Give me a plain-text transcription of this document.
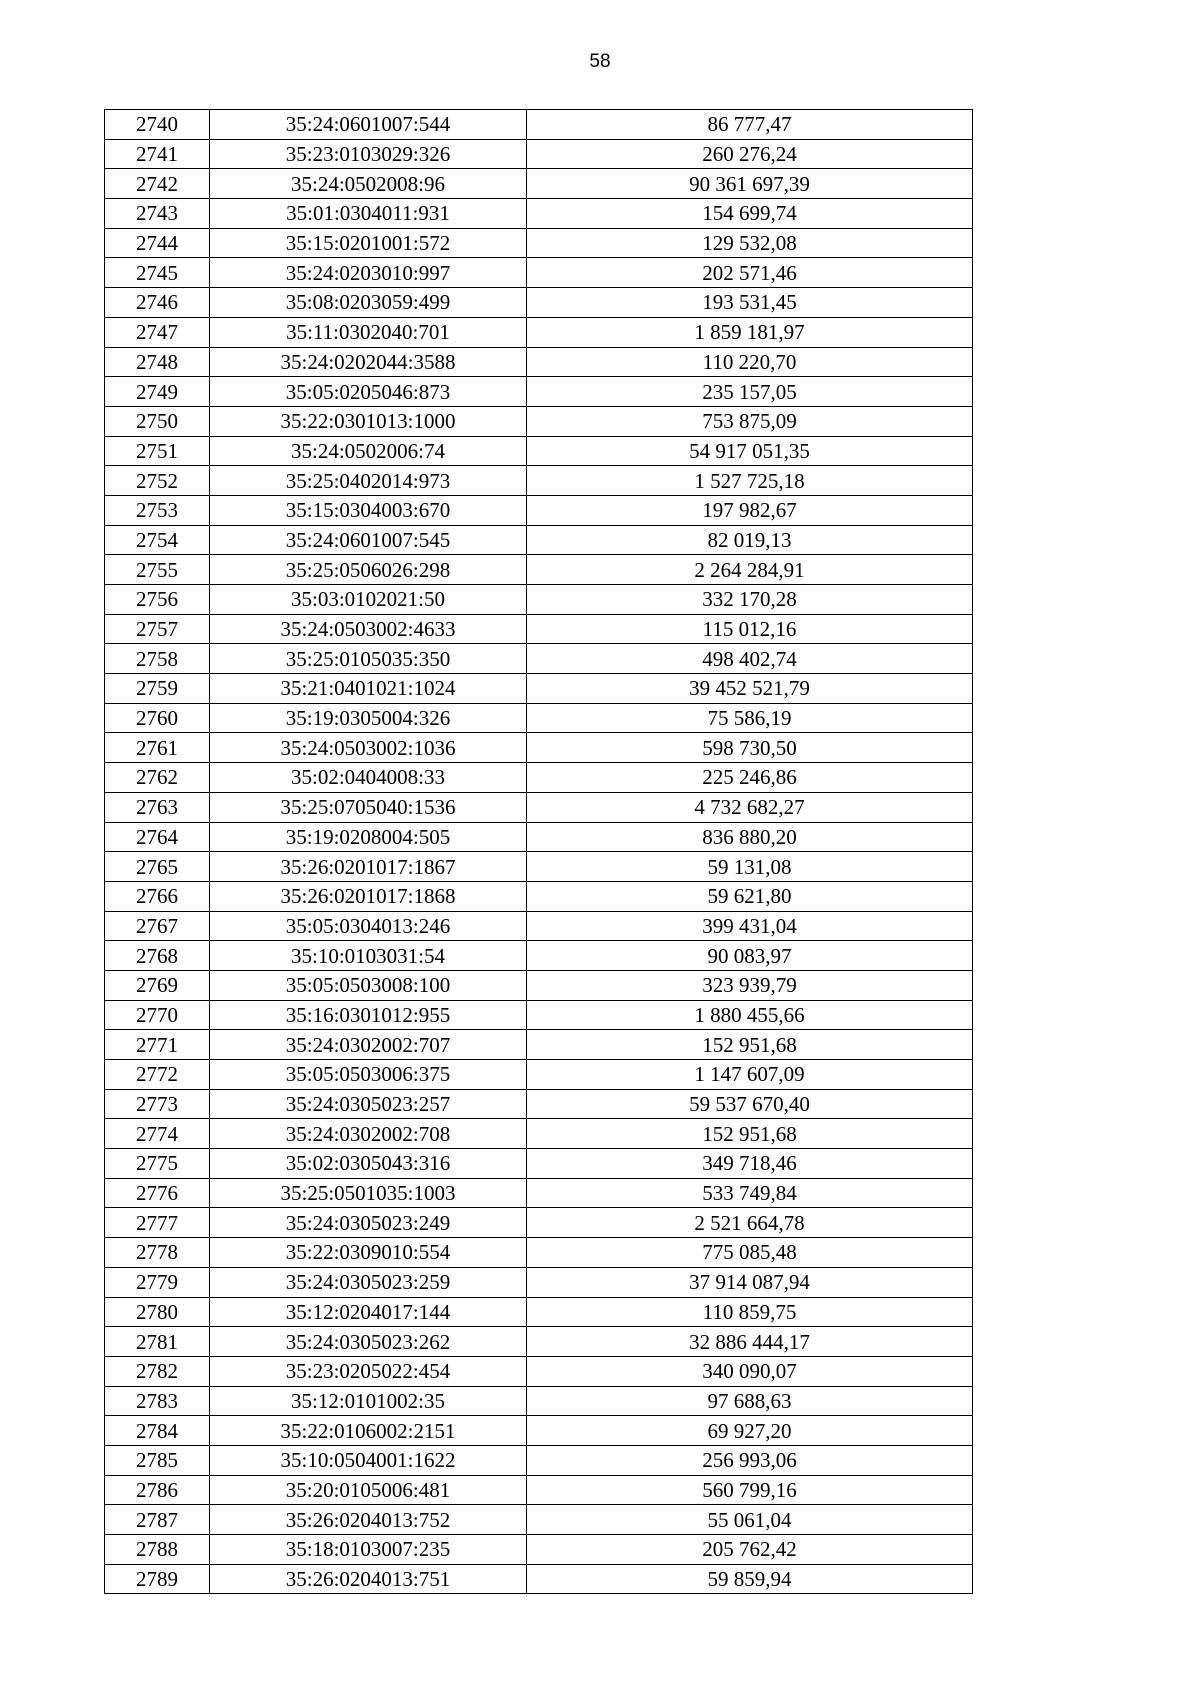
58
2740	35:24:0601007:544	86 777,47
2741	35:23:0103029:326	260 276,24
2742	35:24:0502008:96	90 361 697,39
2743	35:01:0304011:931	154 699,74
2744	35:15:0201001:572	129 532,08
2745	35:24:0203010:997	202 571,46
2746	35:08:0203059:499	193 531,45
2747	35:11:0302040:701	1 859 181,97
2748	35:24:0202044:3588	110 220,70
2749	35:05:0205046:873	235 157,05
2750	35:22:0301013:1000	753 875,09
2751	35:24:0502006:74	54 917 051,35
2752	35:25:0402014:973	1 527 725,18
2753	35:15:0304003:670	197 982,67
2754	35:24:0601007:545	82 019,13
2755	35:25:0506026:298	2 264 284,91
2756	35:03:0102021:50	332 170,28
2757	35:24:0503002:4633	115 012,16
2758	35:25:0105035:350	498 402,74
2759	35:21:0401021:1024	39 452 521,79
2760	35:19:0305004:326	75 586,19
2761	35:24:0503002:1036	598 730,50
2762	35:02:0404008:33	225 246,86
2763	35:25:0705040:1536	4 732 682,27
2764	35:19:0208004:505	836 880,20
2765	35:26:0201017:1867	59 131,08
2766	35:26:0201017:1868	59 621,80
2767	35:05:0304013:246	399 431,04
2768	35:10:0103031:54	90 083,97
2769	35:05:0503008:100	323 939,79
2770	35:16:0301012:955	1 880 455,66
2771	35:24:0302002:707	152 951,68
2772	35:05:0503006:375	1 147 607,09
2773	35:24:0305023:257	59 537 670,40
2774	35:24:0302002:708	152 951,68
2775	35:02:0305043:316	349 718,46
2776	35:25:0501035:1003	533 749,84
2777	35:24:0305023:249	2 521 664,78
2778	35:22:0309010:554	775 085,48
2779	35:24:0305023:259	37 914 087,94
2780	35:12:0204017:144	110 859,75
2781	35:24:0305023:262	32 886 444,17
2782	35:23:0205022:454	340 090,07
2783	35:12:0101002:35	97 688,63
2784	35:22:0106002:2151	69 927,20
2785	35:10:0504001:1622	256 993,06
2786	35:20:0105006:481	560 799,16
2787	35:26:0204013:752	55 061,04
2788	35:18:0103007:235	205 762,42
2789	35:26:0204013:751	59 859,94
